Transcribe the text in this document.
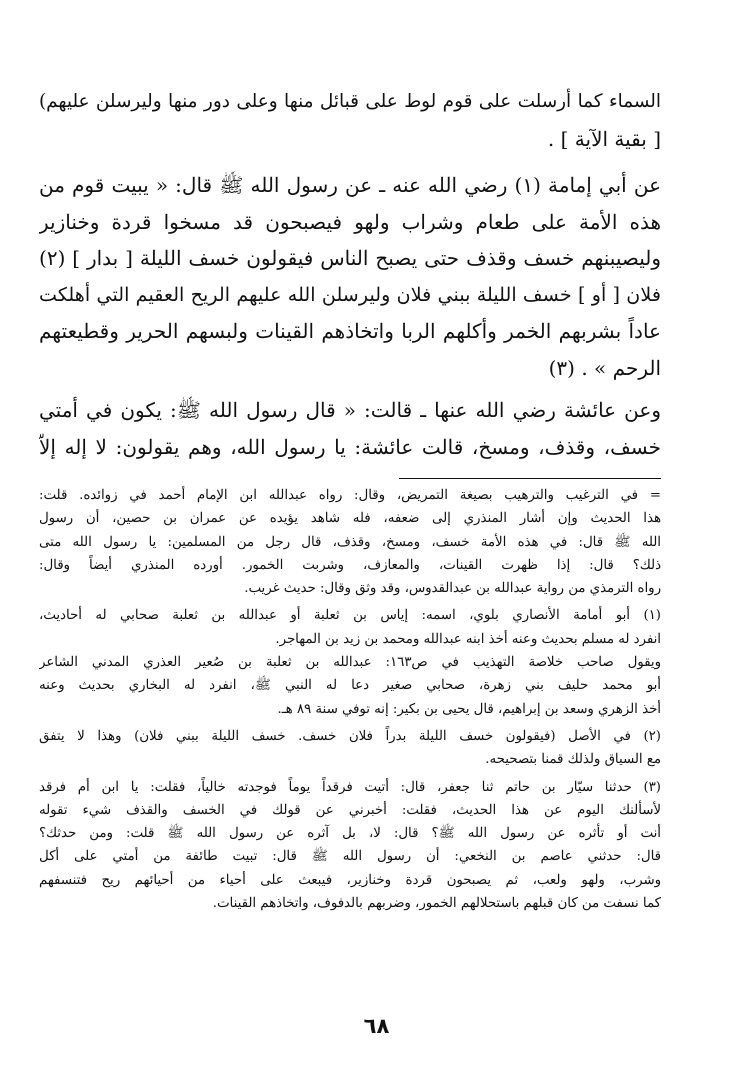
السماء كما أرسلت على قوم لوط على قبائل منها وعلى دور منها وليرسلن عليهم)
[ بقية الآية ] .
عن أبي إمامة (١) رضي الله عنه ـ عن رسول الله ﷺ قال: « يبيت قوم من
هذه الأمة على طعام وشراب ولهو فيصبحون قد مسخوا قردة وخنازير
وليصيبنهم خسف وقذف حتى يصبح الناس فيقولون خسف الليلة [ بدار ] (٢)
فلان [ أو ] خسف الليلة ببني فلان وليرسلن الله عليهم الريح العقيم التي أهلكت
عاداً بشربهم الخمر وأكلهم الربا واتخاذهم القينات ولبسهم الحرير وقطيعتهم
الرحم » . (٣)
وعن عائشة رضي الله عنها ـ قالت: « قال رسول الله ﷺ: يكون في أمتي
خسف، وقذف، ومسخ، قالت عائشة: يا رسول الله، وهم يقولون: لا إله إلاّ
= في الترغيب والترهيب بصيغة التمريض، وقال: رواه عبدالله ابن الإمام أحمد في زوائده. قلت:
هذا الحديث وإن أشار المنذري إلى ضعفه، فله شاهد يؤيده عن عمران بن حصين، أن رسول
الله ﷺ قال: في هذه الأمة خسف، ومسخ، وقذف، قال رجل من المسلمين: يا رسول الله متى
ذلك؟ قال: إذا ظهرت القينات، والمعازف، وشربت الخمور. أورده المنذري أيضاً وقال:
رواه الترمذي من رواية عبدالله بن عبدالقدوس، وقد وثق وقال: حديث غريب.
(١) أبو أمامة الأنصاري بلوي، اسمه: إياس بن ثعلبة أو عبدالله بن ثعلبة صحابي له أحاديث،
انفرد له مسلم بحديث وعنه أخذ ابنه عبدالله ومحمد بن زيد بن المهاجر.
ويقول صاحب خلاصة التهذيب في ص١٦٣: عبدالله بن ثعلبة بن صُعير العذري المدني الشاعر
أبو محمد حليف بني زهرة، صحابي صغير دعا له النبي ﷺ، انفرد له البخاري بحديث وعنه
أخذ الزهري وسعد بن إبراهيم، قال يحيى بن بكير: إنه توفي سنة ٨٩ هـ.
(٢) في الأصل (فيقولون خسف الليلة بدراً فلان خسف. خسف الليلة ببني فلان) وهذا لا يتفق
مع السياق ولذلك قمنا بتصحيحه.
(٣) حدثنا سيّار بن حاتم ثنا جعفر، قال: أتيت فرقداً يوماً فوجدته خالياً، فقلت: يا ابن أم فرقد
لأسألنك اليوم عن هذا الحديث، فقلت: أخبرني عن قولك في الخسف والقذف شيء تقوله
أنت أو تأثره عن رسول الله ﷺ؟ قال: لا، بل آثره عن رسول الله ﷺ قلت: ومن حدثك؟
قال: حدثني عاصم بن النخعي: أن رسول الله ﷺ قال: تبيت طائفة من أمتي على أكل
وشرب، ولهو ولعب، ثم يصبحون قردة وخنازير، فيبعث على أحياء من أحيائهم ريح فتنسفهم
كما نسفت من كان قبلهم باستحلالهم الخمور، وضربهم بالدفوف، واتخاذهم القينات.
٦٨
